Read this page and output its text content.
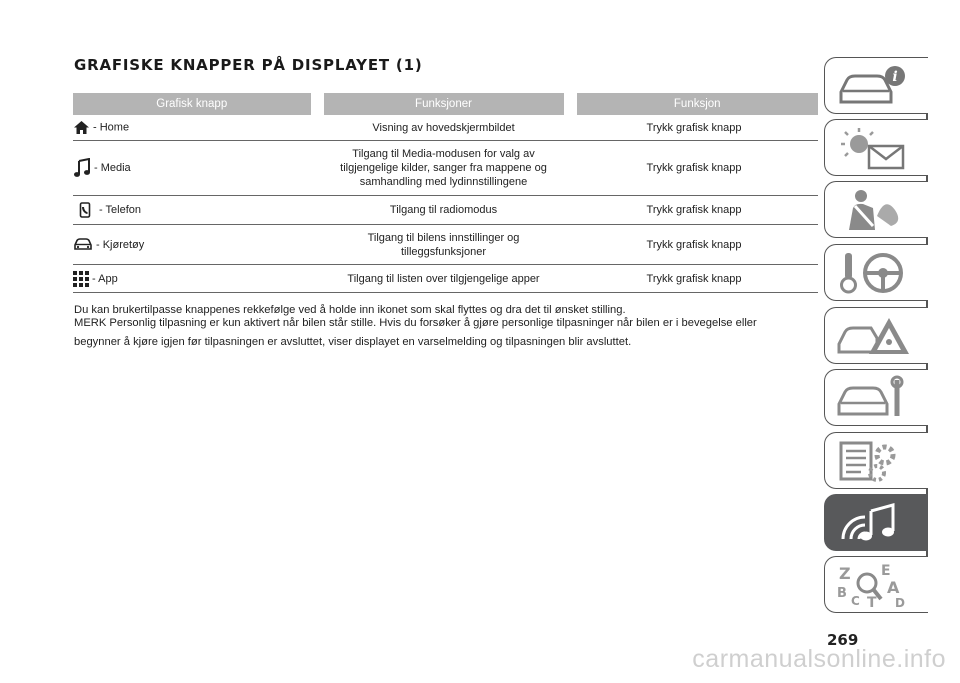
GRAFISKE KNAPPER PÅ DISPLAYET (1)
Grafisk knapp	Funksjoner	Funksjon

- Home	Visning av hovedskjermbildet	Trykk grafisk knapp

- Media	Tilgang til Media-modusen for valg av
tilgjengelige kilder, sanger fra mappene og
samhandling med lydinnstillingene	Trykk grafisk knapp

- Telefon	Tilgang til radiomodus	Trykk grafisk knapp

- Kjøretøy	Tilgang til bilens innstillinger og
tilleggsfunksjoner	Trykk grafisk knapp

- App	Tilgang til listen over tilgjengelige apper	Trykk grafisk knapp

Du kan brukertilpasse knappenes rekkefølge ved å holde inn ikonet som skal flyttes og dra det til ønsket stilling.

MERK Personlig tilpasning er kun aktivert når bilen står stille. Hvis du forsøker å gjøre personlige tilpasninger når bilen er i bevegelse eller

begynner å kjøre igjen før tilpasningen er avsluttet, viser displayet en varselmelding og tilpasningen blir avsluttet.

i
Z E
A
B C T D
269
carmanualsonline.info
